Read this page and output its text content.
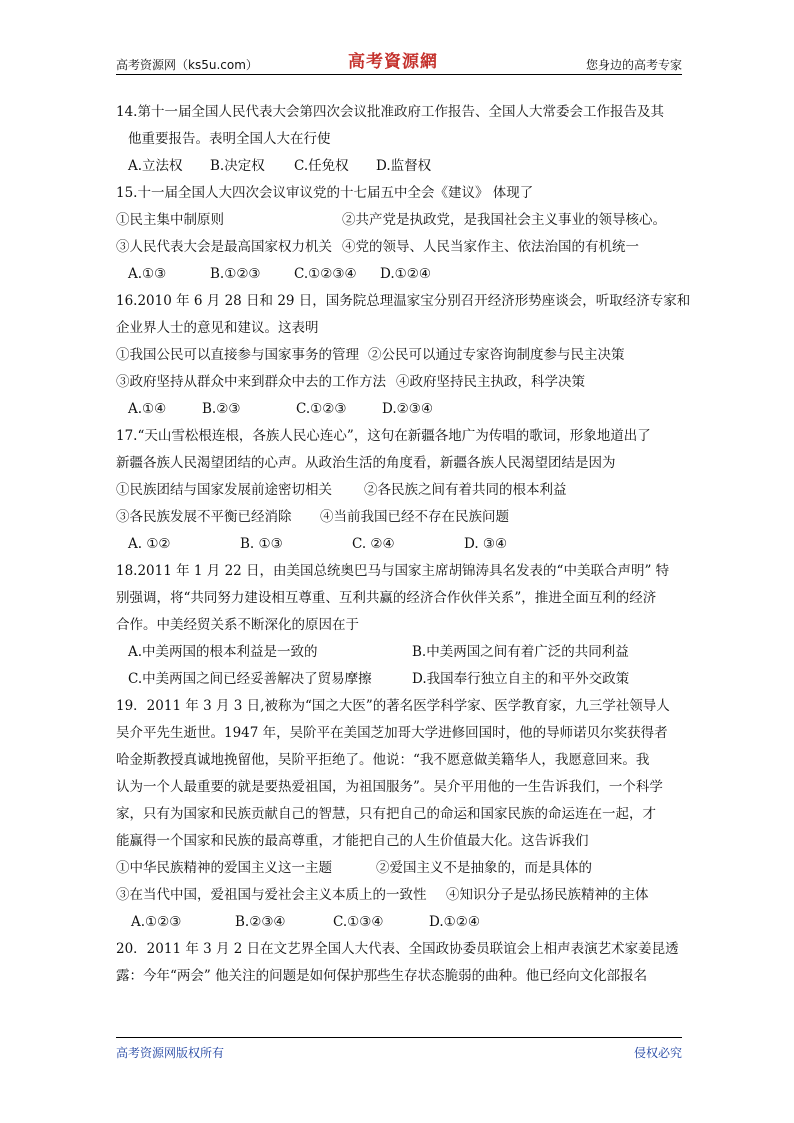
高考资源网（ks5u.com）	高考資源網	您身边的高考专家
14.第十一届全国人民代表大会第四次会议批准政府工作报告、全国人大常委会工作报告及其
他重要报告。表明全国人大在行使
A.立法权 B.决定权 C.任免权 D.监督权
15.十一届全国人大四次会议审议党的十七届五中全会《建议》 体现了
①民主集中制原则	②共产党是执政党，是我国社会主义事业的领导核心。
③人民代表大会是最高国家权力机关 ④党的领导、人民当家作主、依法治国的有机统一
A.①③	B.①②③ C.①②③④ D.①②④
16.2010 年 6 月 28 日和 29 日，国务院总理温家宝分别召开经济形势座谈会，听取经济专家和
企业界人士的意见和建议。这表明
①我国公民可以直接参与国家事务的管理 ②公民可以通过专家咨询制度参与民主决策
③政府坚持从群众中来到群众中去的工作方法 ④政府坚持民主执政，科学决策
A.①④	B.②③	C.①②③	D.②③④
17.“天山雪松根连根，各族人民心连心”，这句在新疆各地广为传唱的歌词，形象地道出了
新疆各族人民渴望团结的心声。从政治生活的角度看，新疆各族人民渴望团结是因为
①民族团结与国家发展前途密切相关 ②各民族之间有着共同的根本利益
③各民族发展不平衡已经消除 ④当前我国已经不存在民族问题
A. ①②	B. ①③	C. ②④	D. ③④
18.2011 年 1 月 22 日，由美国总统奥巴马与国家主席胡锦涛具名发表的“中美联合声明” 特
别强调，将“共同努力建设相互尊重、互利共赢的经济合作伙伴关系”，推进全面互利的经济
合作。中美经贸关系不断深化的原因在于
A.中美两国的根本利益是一致的	B.中美两国之间有着广泛的共同利益
C.中美两国之间已经妥善解决了贸易摩擦	D.我国奉行独立自主的和平外交政策
19．2011 年 3 月 3 日,被称为“国之大医”的著名医学科学家、医学教育家，九三学社领导人
吴介平先生逝世。1947 年，吴阶平在美国芝加哥大学进修回国时，他的导师诺贝尔奖获得者
哈金斯教授真诚地挽留他，吴阶平拒绝了。他说：“我不愿意做美籍华人，我愿意回来。我
认为一个人最重要的就是要热爱祖国，为祖国服务”。吴介平用他的一生告诉我们，一个科学
家，只有为国家和民族贡献自己的智慧，只有把自己的命运和国家民族的命运连在一起，才
能赢得一个国家和民族的最高尊重，才能把自己的人生价值最大化。这告诉我们
①中华民族精神的爱国主义这一主题	②爱国主义不是抽象的，而是具体的
③在当代中国，爱祖国与爱社会主义本质上的一致性 ④知识分子是弘扬民族精神的主体
A.①②③	B.②③④	C.①③④	D.①②④
20．2011 年 3 月 2 日在文艺界全国人大代表、全国政协委员联谊会上相声表演艺术家姜昆透
露：今年“两会” 他关注的问题是如何保护那些生存状态脆弱的曲种。他已经向文化部报名
高考资源网版权所有	侵权必究
